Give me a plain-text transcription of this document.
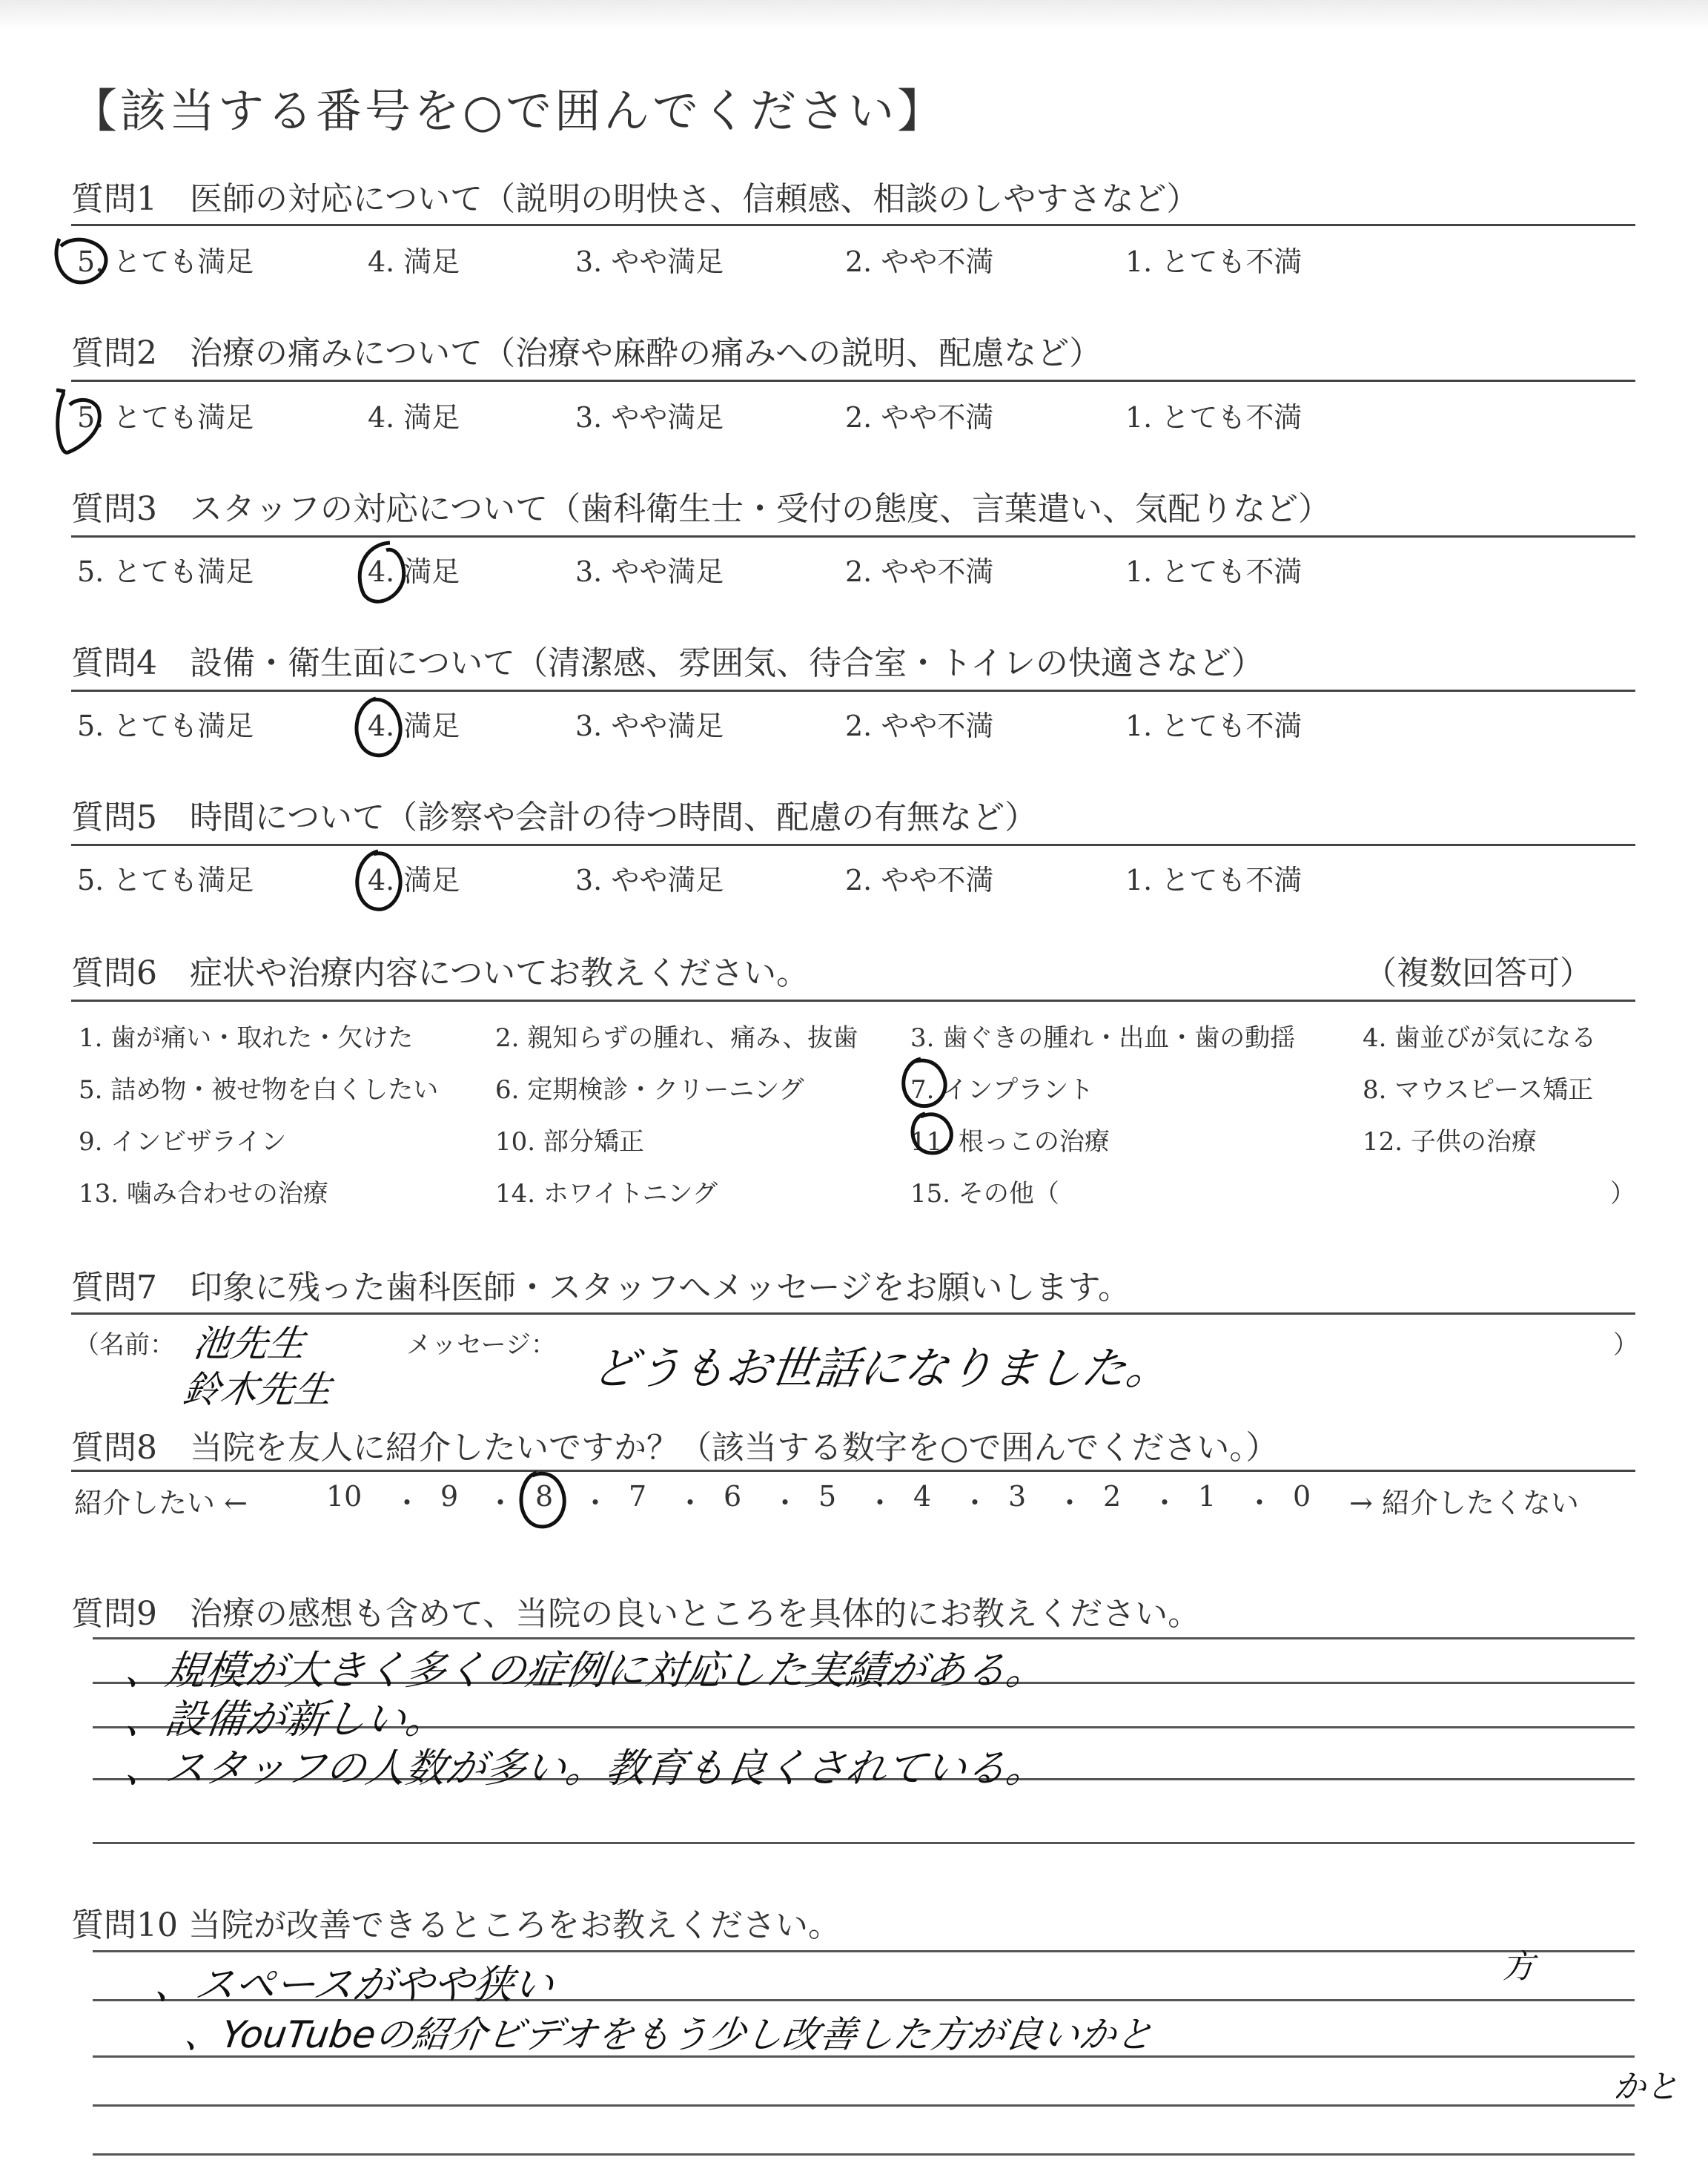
【該当する番号を○で囲んでください】
質問1　医師の対応について（説明の明快さ、信頼感、相談のしやすさなど）
5. とても満足	4. 満足	3. やや満足	2. やや不満	1. とても不満
質問2　治療の痛みについて（治療や麻酔の痛みへの説明、配慮など）
5. とても満足	4. 満足	3. やや満足	2. やや不満	1. とても不満
質問3　スタッフの対応について（歯科衛生士・受付の態度、言葉遣い、気配りなど）
5. とても満足	4. 満足	3. やや満足	2. やや不満	1. とても不満
質問4　設備・衛生面について（清潔感、雰囲気、待合室・トイレの快適さなど）
5. とても満足	4. 満足	3. やや満足	2. やや不満	1. とても不満
質問5　時間について（診察や会計の待つ時間、配慮の有無など）
5. とても満足	4. 満足	3. やや満足	2. やや不満	1. とても不満
質問6　症状や治療内容についてお教えください。	（複数回答可）
1. 歯が痛い・取れた・欠けた	2. 親知らずの腫れ、痛み、抜歯 3. 歯ぐきの腫れ・出血・歯の動揺	4. 歯並びが気になる
5. 詰め物・被せ物を白くしたい 6. 定期検診・クリーニング	7. インプラント	8. マウスピース矯正
9. インビザライン	10. 部分矯正	11. 根っこの治療	12. 子供の治療
13. 噛み合わせの治療	14. ホワイトニング	15. その他（	）
質問7　印象に残った歯科医師・スタッフへメッセージをお願いします。
（名前：	メッセージ：	）
池先生
鈴木先生	どうもお世話になりました。
質問8　当院を友人に紹介したいですか？（該当する数字を○で囲んでください。）
紹介したい ←	10 ・ 9 ・ 8 ・ 7 ・ 6 ・ 5 ・ 4 ・ 3 ・ 2 ・ 1 ・ 0 → 紹介したくない
質問9　治療の感想も含めて、当院の良いところを具体的にお教えください。
、規模が大きく多くの症例に対応した実績がある。
、設備が新しい。
、スタッフの人数が多い。教育も良くされている。
質問10 当院が改善できるところをお教えください。
、スペースがやや狭い
、YouTubeの紹介ビデオをもう少し改善した方が良いかと
方
かと
